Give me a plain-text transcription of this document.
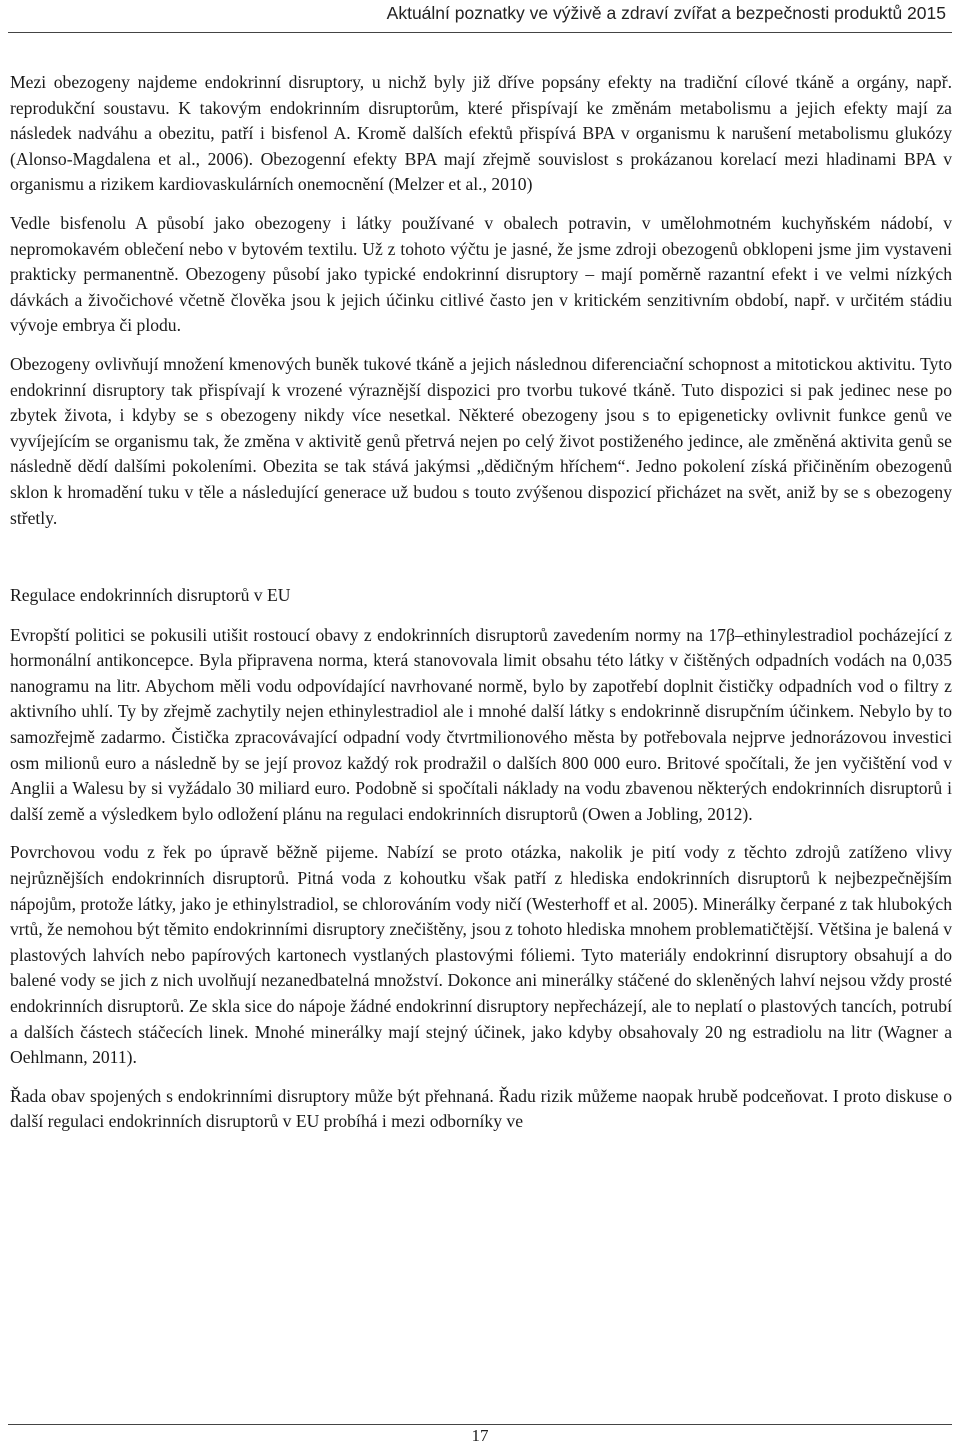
Aktuální poznatky ve výživě a zdraví zvířat a bezpečnosti produktů 2015

Mezi obezogeny najdeme endokrinní disruptory, u nichž byly již dříve popsány efekty na tradiční cílové tkáně a orgány, např. reprodukční soustavu. K takovým endokrinním disruptorům, které přispívají ke změnám metabolismu a jejich efekty mají za následek nadváhu a obezitu, patří i bisfenol A. Kromě dalších efektů přispívá BPA v organismu k narušení metabolismu glukózy (Alonso-Magdalena et al., 2006). Obezogenní efekty BPA mají zřejmě souvislost s prokázanou korelací mezi hladinami BPA v organismu a rizikem kardiovaskulárních onemocnění (Melzer et al., 2010)

Vedle bisfenolu A působí jako obezogeny i látky používané v obalech potravin, v umělohmotném kuchyňském nádobí, v nepromokavém oblečení nebo v bytovém textilu. Už z tohoto výčtu je jasné, že jsme zdroji obezogenů obklopeni jsme jim vystaveni prakticky permanentně. Obezogeny působí jako typické endokrinní disruptory – mají poměrně razantní efekt i ve velmi nízkých dávkách a živočichové včetně člověka jsou k jejich účinku citlivé často jen v kritickém senzitivním období, např. v určitém stádiu vývoje embrya či plodu.

Obezogeny ovlivňují množení kmenových buněk tukové tkáně a jejich následnou diferenciační schopnost a mitotickou aktivitu. Tyto endokrinní disruptory tak přispívají k vrozené výraznější dispozici pro tvorbu tukové tkáně. Tuto dispozici si pak jedinec nese po zbytek života, i kdyby se s obezogeny nikdy více nesetkal. Některé obezogeny jsou s to epigeneticky ovlivnit funkce genů ve vyvíjejícím se organismu tak, že změna v aktivitě genů přetrvá nejen po celý život postiženého jedince, ale změněná aktivita genů se následně dědí dalšími pokoleními. Obezita se tak stává jakýmsi „dědičným hříchem“. Jedno pokolení získá přičiněním obezogenů sklon k hromadění tuku v těle a následující generace už budou s touto zvýšenou dispozicí přicházet na svět, aniž by se s obezogeny střetly.

Regulace endokrinních disruptorů v EU

Evropští politici se pokusili utišit rostoucí obavy z endokrinních disruptorů zavedením normy na 17β–ethinylestradiol pocházející z hormonální antikoncepce. Byla připravena norma, která stanovovala limit obsahu této látky v čištěných odpadních vodách na 0,035 nanogramu na litr. Abychom měli vodu odpovídající navrhované normě, bylo by zapotřebí doplnit čističky odpadních vod o filtry z aktivního uhlí. Ty by zřejmě zachytily nejen ethinylestradiol ale i mnohé další látky s endokrinně disrupčním účinkem. Nebylo by to samozřejmě zadarmo. Čistička zpracovávající odpadní vody čtvrtmilionového města by potřebovala nejprve jednorázovou investici osm milionů euro a následně by se její provoz každý rok prodražil o dalších 800 000 euro. Britové spočítali, že jen vyčištění vod v Anglii a Walesu by si vyžádalo 30 miliard euro. Podobně si spočítali náklady na vodu zbavenou některých endokrinních disruptorů i další země a výsledkem bylo odložení plánu na regulaci endokrinních disruptorů (Owen a Jobling, 2012).

Povrchovou vodu z řek po úpravě běžně pijeme. Nabízí se proto otázka, nakolik je pití vody z těchto zdrojů zatíženo vlivy nejrůznějších endokrinních disruptorů. Pitná voda z kohoutku však patří z hlediska endokrinních disruptorů k nejbezpečnějším nápojům, protože látky, jako je ethinylstradiol, se chlorováním vody ničí (Westerhoff et al. 2005). Minerálky čerpané z tak hlubokých vrtů, že nemohou být těmito endokrinními disruptory znečištěny, jsou z tohoto hlediska mnohem problematičtější. Většina je balená v plastových lahvích nebo papírových kartonech vystlaných plastovými fóliemi. Tyto materiály endokrinní disruptory obsahují a do balené vody se jich z nich uvolňují nezanedbatelná množství. Dokonce ani minerálky stáčené do skleněných lahví nejsou vždy prosté endokrinních disruptorů. Ze skla sice do nápoje žádné endokrinní disruptory nepřecházejí, ale to neplatí o plastových tancích, potrubí a dalších částech stáčecích linek. Mnohé minerálky mají stejný účinek, jako kdyby obsahovaly 20 ng estradiolu na litr (Wagner a Oehlmann, 2011).

Řada obav spojených s endokrinními disruptory může být přehnaná. Řadu rizik můžeme naopak hrubě podceňovat. I proto diskuse o další regulaci endokrinních disruptorů v EU probíhá i mezi odborníky ve

17
